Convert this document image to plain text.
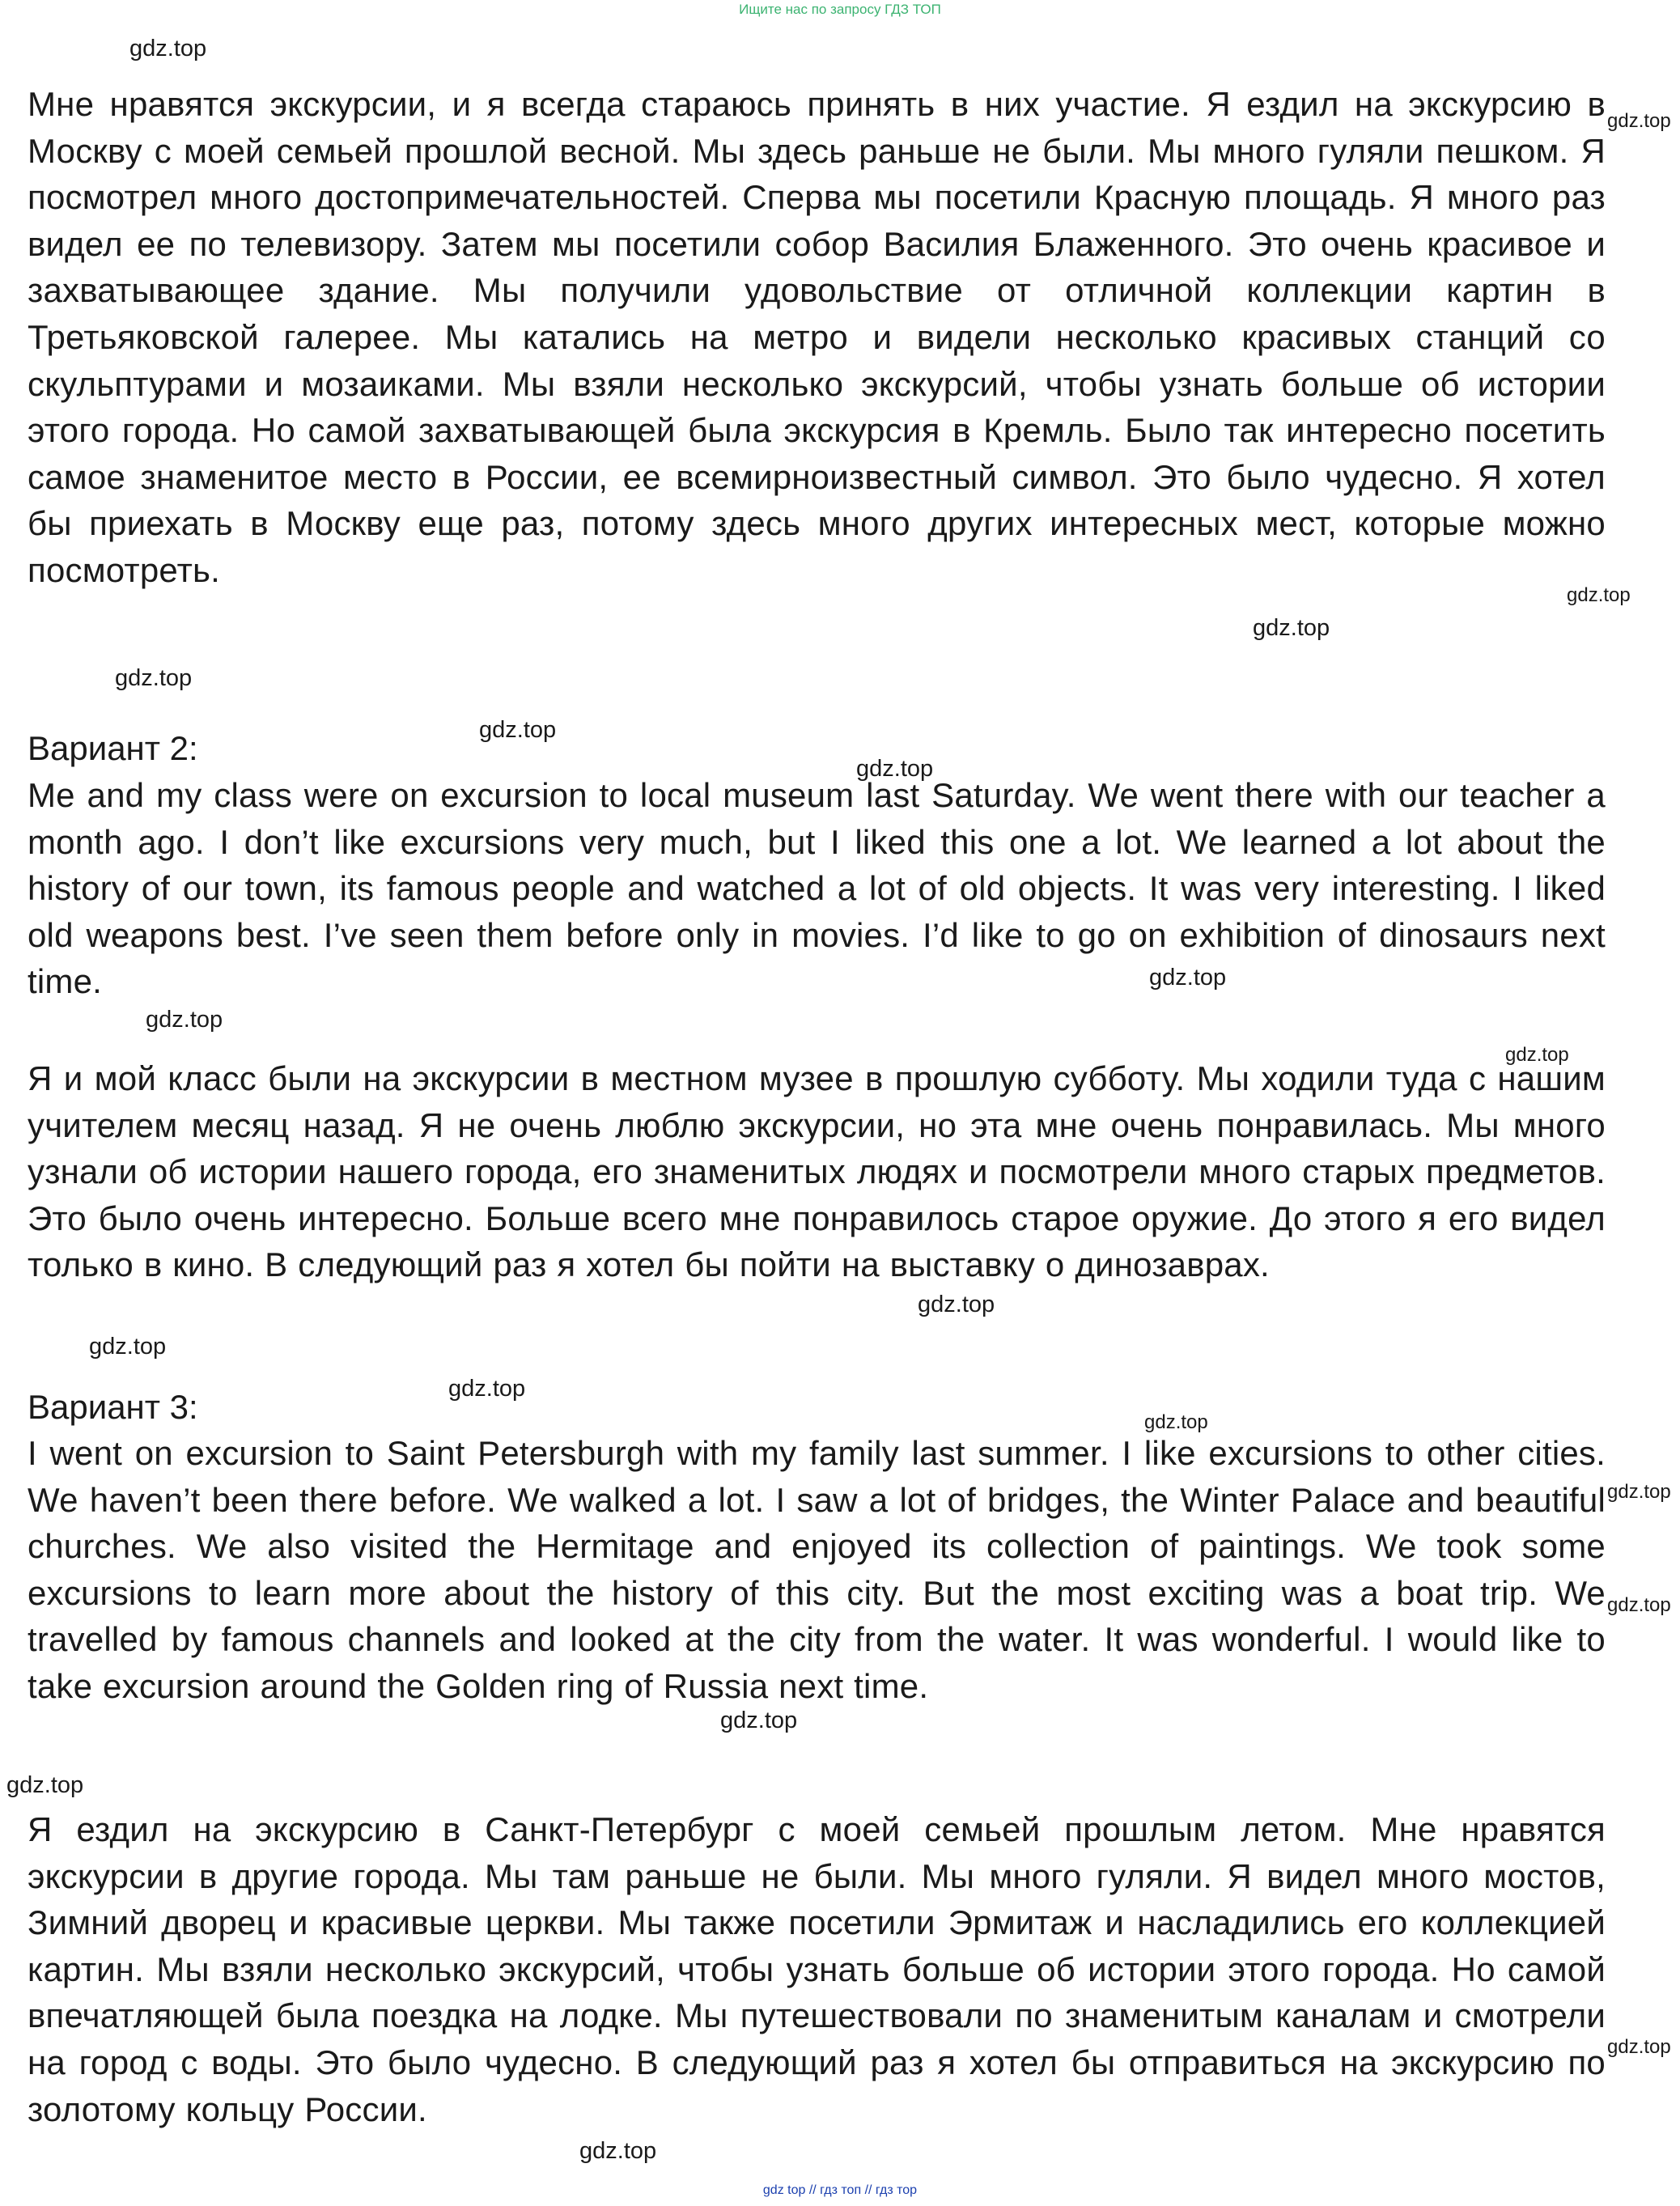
Ищите нас по запросу ГДЗ ТОП

Мне нравятся экскурсии, и я всегда стараюсь принять в них участие. Я ездил на экскурсию в Москву с моей семьей прошлой весной. Мы здесь раньше не были. Мы много гуляли пешком. Я посмотрел много достопримечательностей. Сперва мы посетили Красную площадь. Я много раз видел ее по телевизору. Затем мы посетили собор Василия Блаженного. Это очень красивое и захватывающее здание. Мы получили удовольствие от отличной коллекции картин в Третьяковской галерее. Мы катались на метро и видели несколько красивых станций со скульптурами и мозаиками. Мы взяли несколько экскурсий, чтобы узнать больше об истории этого города. Но самой захватывающей была экскурсия в Кремль. Было так интересно посетить самое знаменитое место в России, ее всемирноизвестный символ. Это было чудесно. Я хотел бы приехать в Москву еще раз, потому здесь много других интересных мест, которые можно посмотреть.

Вариант 2:

Me and my class were on excursion to local museum last Saturday. We went there with our teacher a month ago. I don’t like excursions very much, but I liked this one a lot. We learned a lot about the history of our town, its famous people and watched a lot of old objects. It was very interesting. I liked old weapons best. I’ve seen them before only in movies. I’d like to go on exhibition of dinosaurs next time.

Я и мой класс были на экскурсии в местном музее в прошлую субботу. Мы ходили туда с нашим учителем месяц назад. Я не очень люблю экскурсии, но эта мне очень понравилась. Мы много узнали об истории нашего города, его знаменитых людях и посмотрели много старых предметов. Это было очень интересно. Больше всего мне понравилось старое оружие. До этого я его видел только в кино. В следующий раз я хотел бы пойти на выставку о динозаврах.

Вариант 3:

I went on excursion to Saint Petersburgh with my family last summer. I like excursions to other cities. We haven’t been there before. We walked a lot. I saw a lot of bridges, the Winter Palace and beautiful churches. We also visited the Hermitage and enjoyed its collection of paintings. We took some excursions to learn more about the history of this city. But the most exciting was a boat trip. We travelled by famous channels and looked at the city from the water. It was wonderful. I would like to take excursion around the Golden ring of Russia next time.

Я ездил на экскурсию в Санкт-Петербург с моей семьей прошлым летом. Мне нравятся экскурсии в другие города. Мы там раньше не были. Мы много гуляли. Я видел много мостов, Зимний дворец и красивые церкви. Мы также посетили Эрмитаж и насладились его коллекцией картин. Мы взяли несколько экскурсий, чтобы узнать больше об истории этого города. Но самой впечатляющей была поездка на лодке. Мы путешествовали по знаменитым каналам и смотрели на город с воды. Это было чудесно. В следующий раз я хотел бы отправиться на экскурсию по золотому кольцу России.

gdz.top
gdz.top
gdz.top
gdz.top
gdz.top
gdz.top
gdz.top
gdz.top
gdz.top
gdz.top
gdz.top
gdz.top
gdz.top
gdz.top
gdz.top
gdz.top
gdz.top
gdz.top
gdz.top
gdz.top
gdz top // гдз топ // гдз тор
